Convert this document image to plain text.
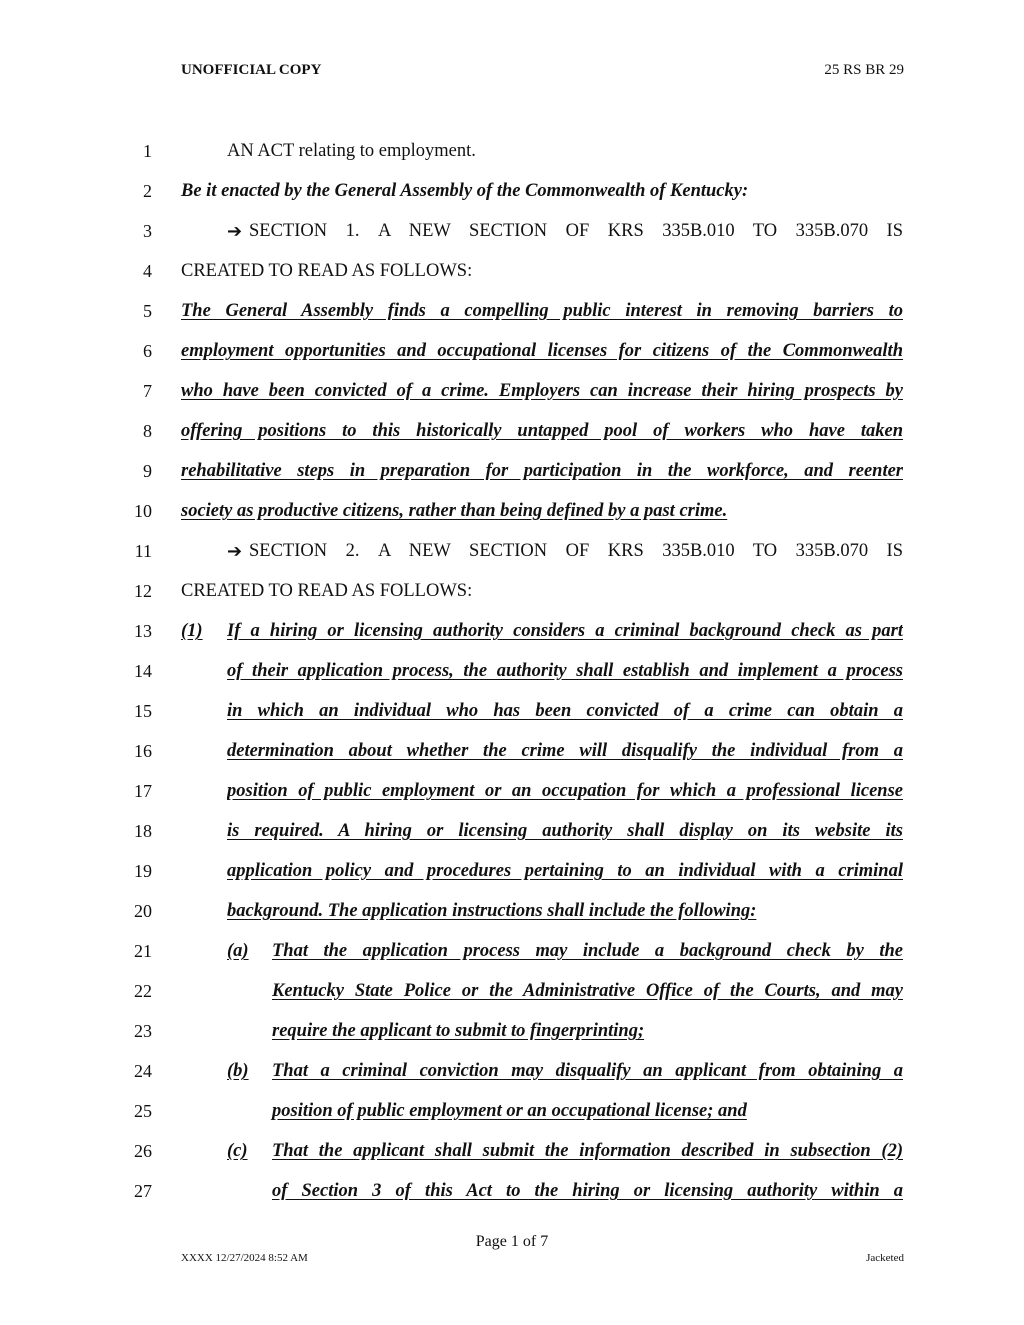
UNOFFICIAL COPY	25 RS BR 29
1	AN ACT relating to employment.
2 Be it enacted by the General Assembly of the Commonwealth of Kentucky:
3	➔ SECTION 1. A NEW SECTION OF KRS 335B.010 TO 335B.070 IS
4 CREATED TO READ AS FOLLOWS:
5 The General Assembly finds a compelling public interest in removing barriers to
6 employment opportunities and occupational licenses for citizens of the Commonwealth
7 who have been convicted of a crime. Employers can increase their hiring prospects by
8 offering positions to this historically untapped pool of workers who have taken
9 rehabilitative steps in preparation for participation in the workforce, and reenter
10 society as productive citizens, rather than being defined by a past crime.
11	➔ SECTION 2. A NEW SECTION OF KRS 335B.010 TO 335B.070 IS
12 CREATED TO READ AS FOLLOWS:
13 (1) If a hiring or licensing authority considers a criminal background check as part
14	of their application process, the authority shall establish and implement a process
15	in which an individual who has been convicted of a crime can obtain a
16	determination about whether the crime will disqualify the individual from a
17	position of public employment or an occupation for which a professional license
18	is required. A hiring or licensing authority shall display on its website its
19	application policy and procedures pertaining to an individual with a criminal
20	background. The application instructions shall include the following:
21	(a) That the application process may include a background check by the
22	Kentucky State Police or the Administrative Office of the Courts, and may
23	require the applicant to submit to fingerprinting;
24	(b) That a criminal conviction may disqualify an applicant from obtaining a
25	position of public employment or an occupational license; and
26	(c) That the applicant shall submit the information described in subsection (2)
27	of Section 3 of this Act to the hiring or licensing authority within a
Page 1 of 7
XXXX 12/27/2024 8:52 AM	Jacketed
